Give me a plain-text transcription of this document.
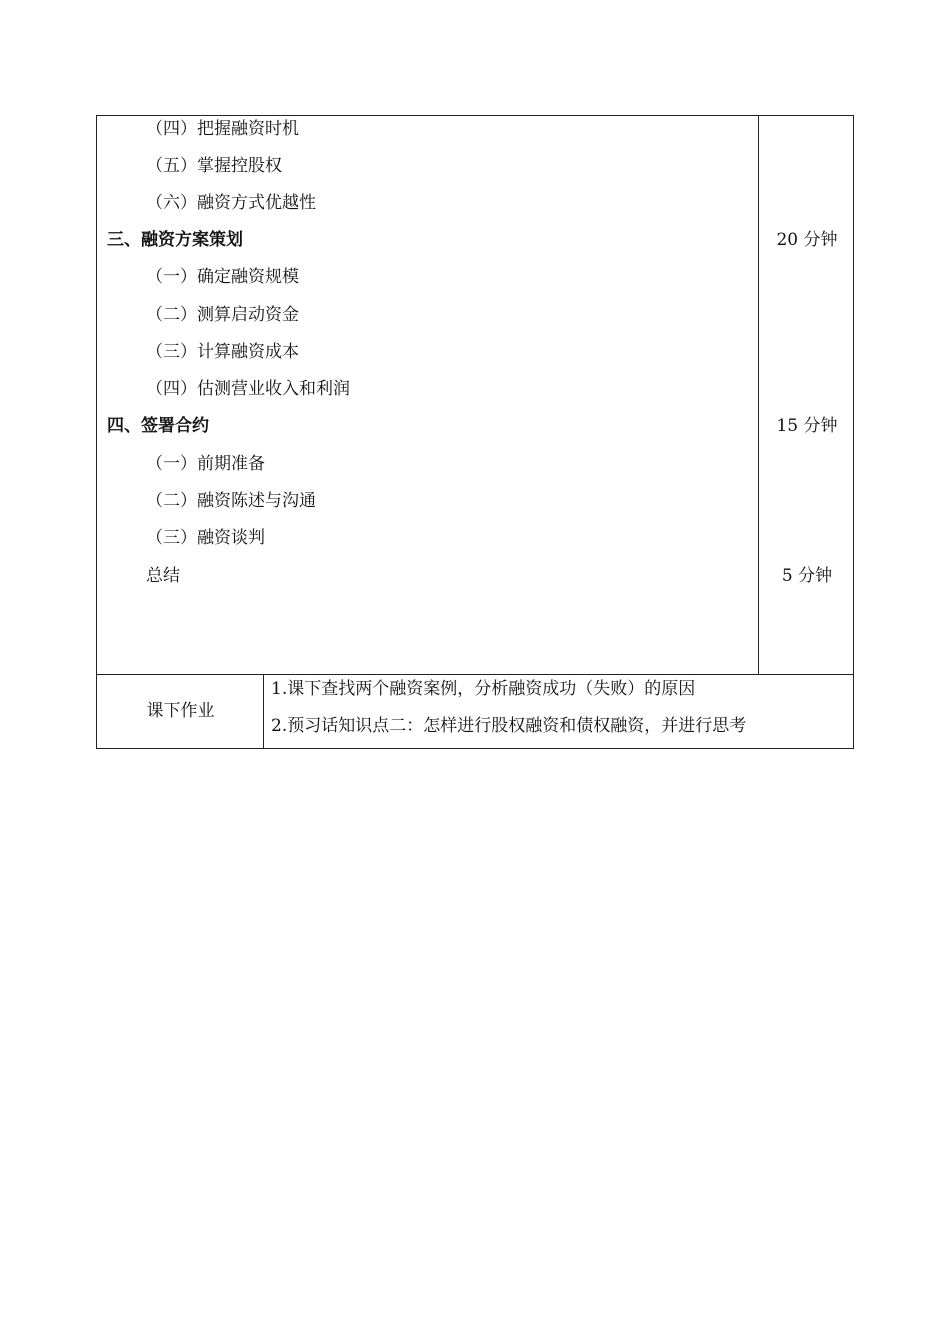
（四）把握融资时机
（五）掌握控股权
（六）融资方式优越性
三、融资方案策划
（一）确定融资规模
（二）测算启动资金
（三）计算融资成本
（四）估测营业收入和利润
四、签署合约
（一）前期准备
（二）融资陈述与沟通
（三）融资谈判
总结
20 分钟
15 分钟
5 分钟
课下作业
1.课下查找两个融资案例，分析融资成功（失败）的原因
2.预习话知识点二：怎样进行股权融资和债权融资，并进行思考
